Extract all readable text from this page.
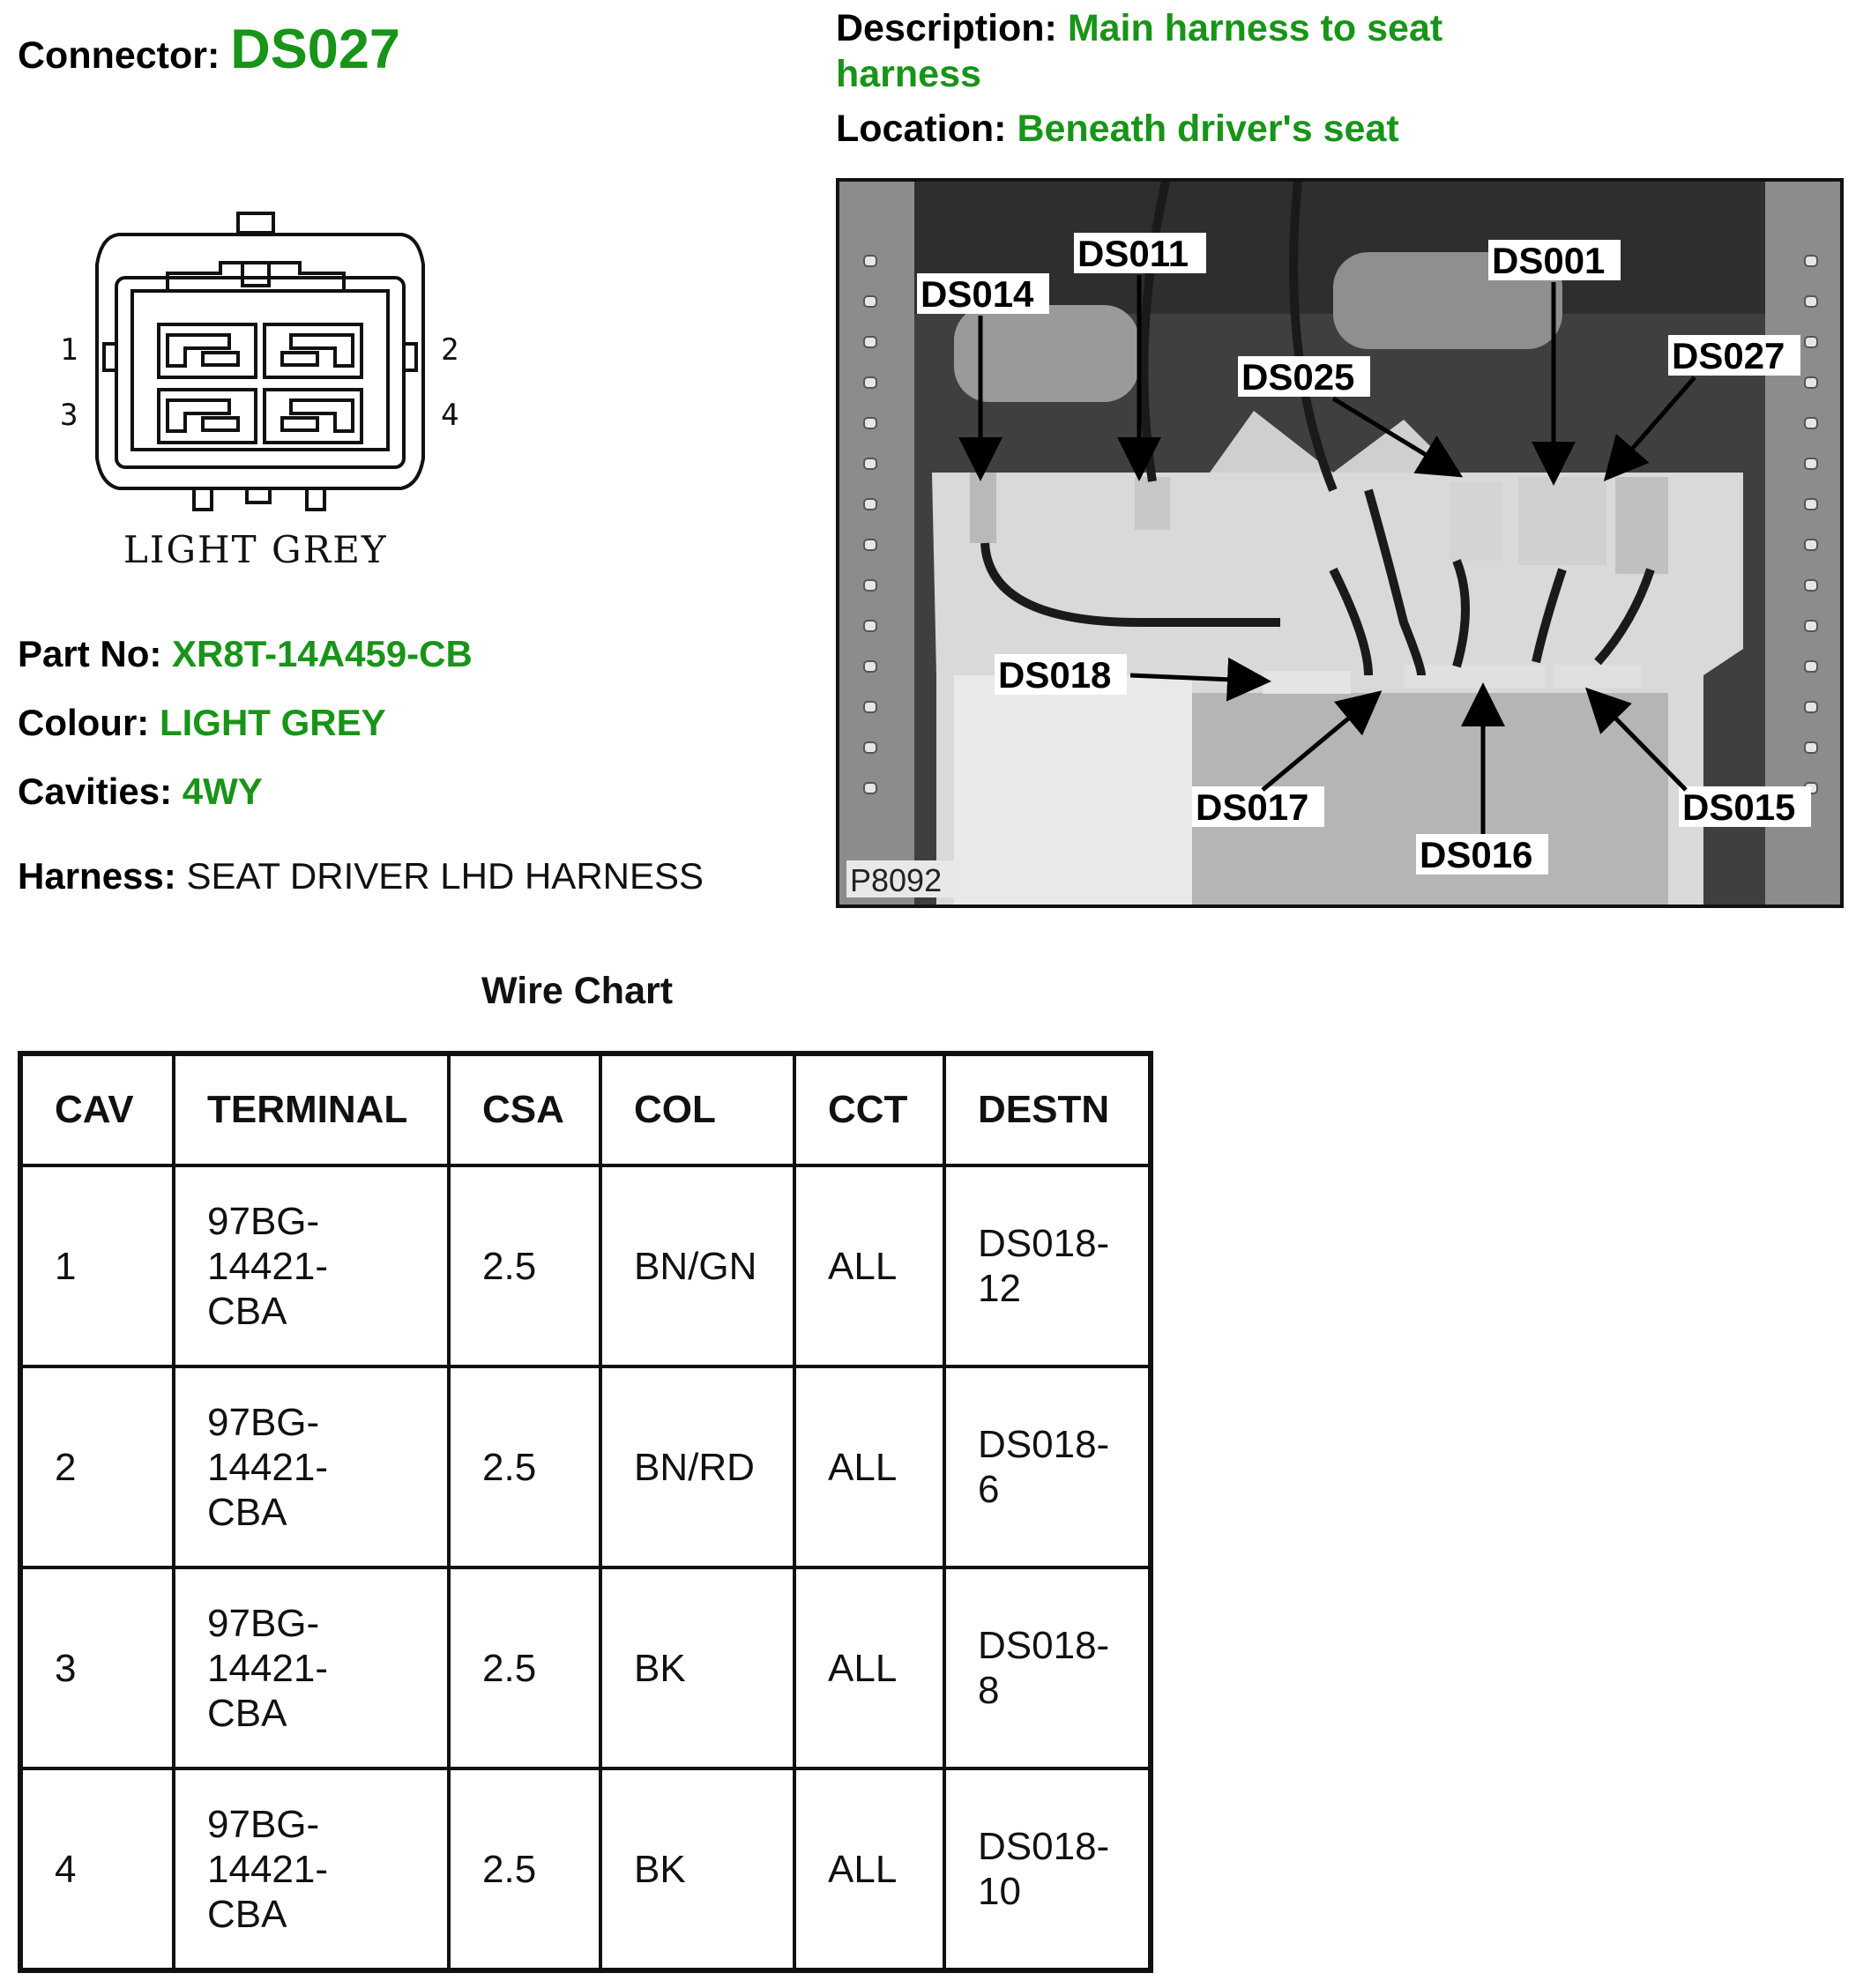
Connector: DS027	Description: Main harness to seat harness
Location: Beneath driver's seat
1	2
3	4
LIGHT GREY
Part No: XR8T-14A459-CB
Colour: LIGHT GREY
Cavities: 4WY
Harness: SEAT DRIVER LHD HARNESS
DS014
DS011	DS001
DS027
DS025
DS018
DS017
DS016
DS015
P8092
Wire Chart
CAV	TERMINAL	CSA	COL	CCT	DESTN
1	97BG-
14421-
CBA	2.5	BN/GN	ALL	DS018-
12
2	97BG-
14421-
CBA	2.5	BN/RD	ALL	DS018-
6
3	97BG-
14421-
CBA	2.5	BK	ALL	DS018-
8
4	97BG-
14421-
CBA	2.5	BK	ALL	DS018-
10
